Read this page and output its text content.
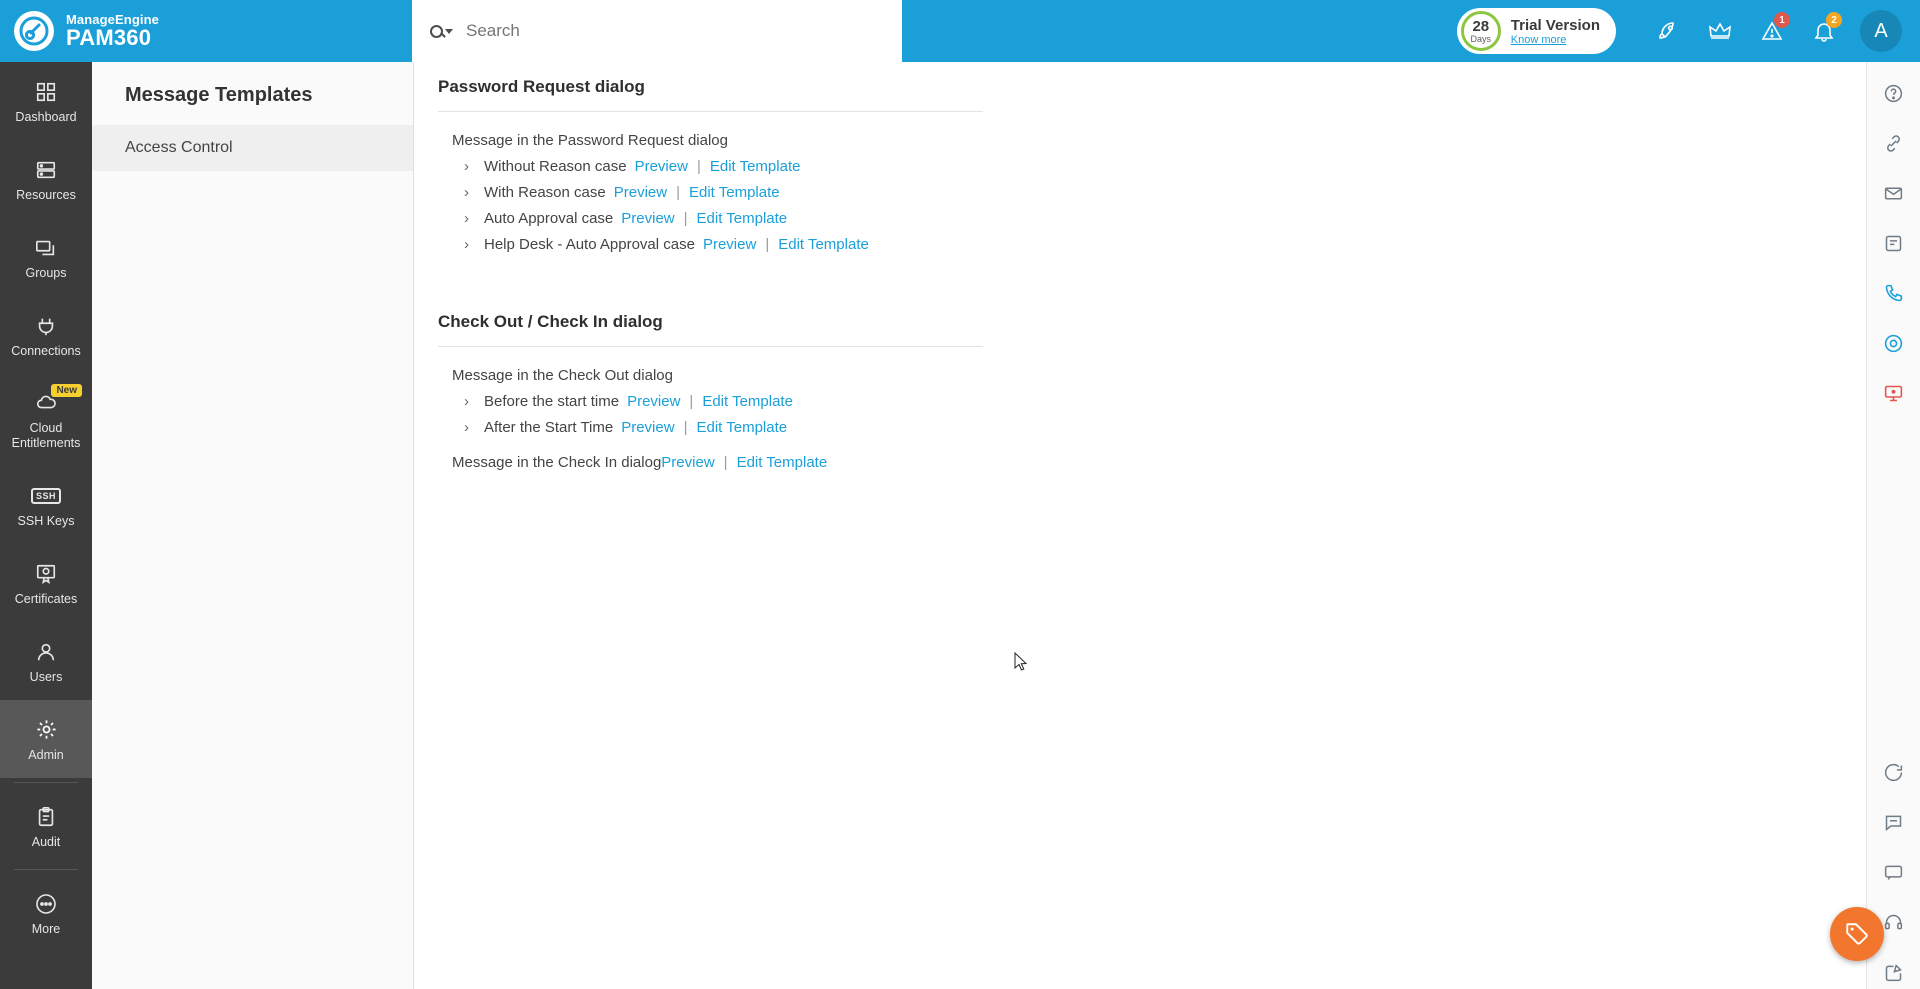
ManageEngine
PAM360
Search	28
Days
Trial Version
Know more
1	2 A
Dashboard
Resources
Groups
Connections
New
Cloud Entitlements
SSH
SSH Keys
Certificates
Users
Admin
Audit
More
Message Templates
Access Control
Password Request dialog
Message in the Password Request dialog
›	Without Reason case Preview | Edit Template
›	With Reason case Preview | Edit Template
›	Auto Approval case Preview | Edit Template
›	Help Desk - Auto Approval case Preview | Edit Template
Check Out / Check In dialog
Message in the Check Out dialog
›	Before the start time Preview | Edit Template
›	After the Start Time Preview | Edit Template
Message in the Check In dialog Preview | Edit Template
